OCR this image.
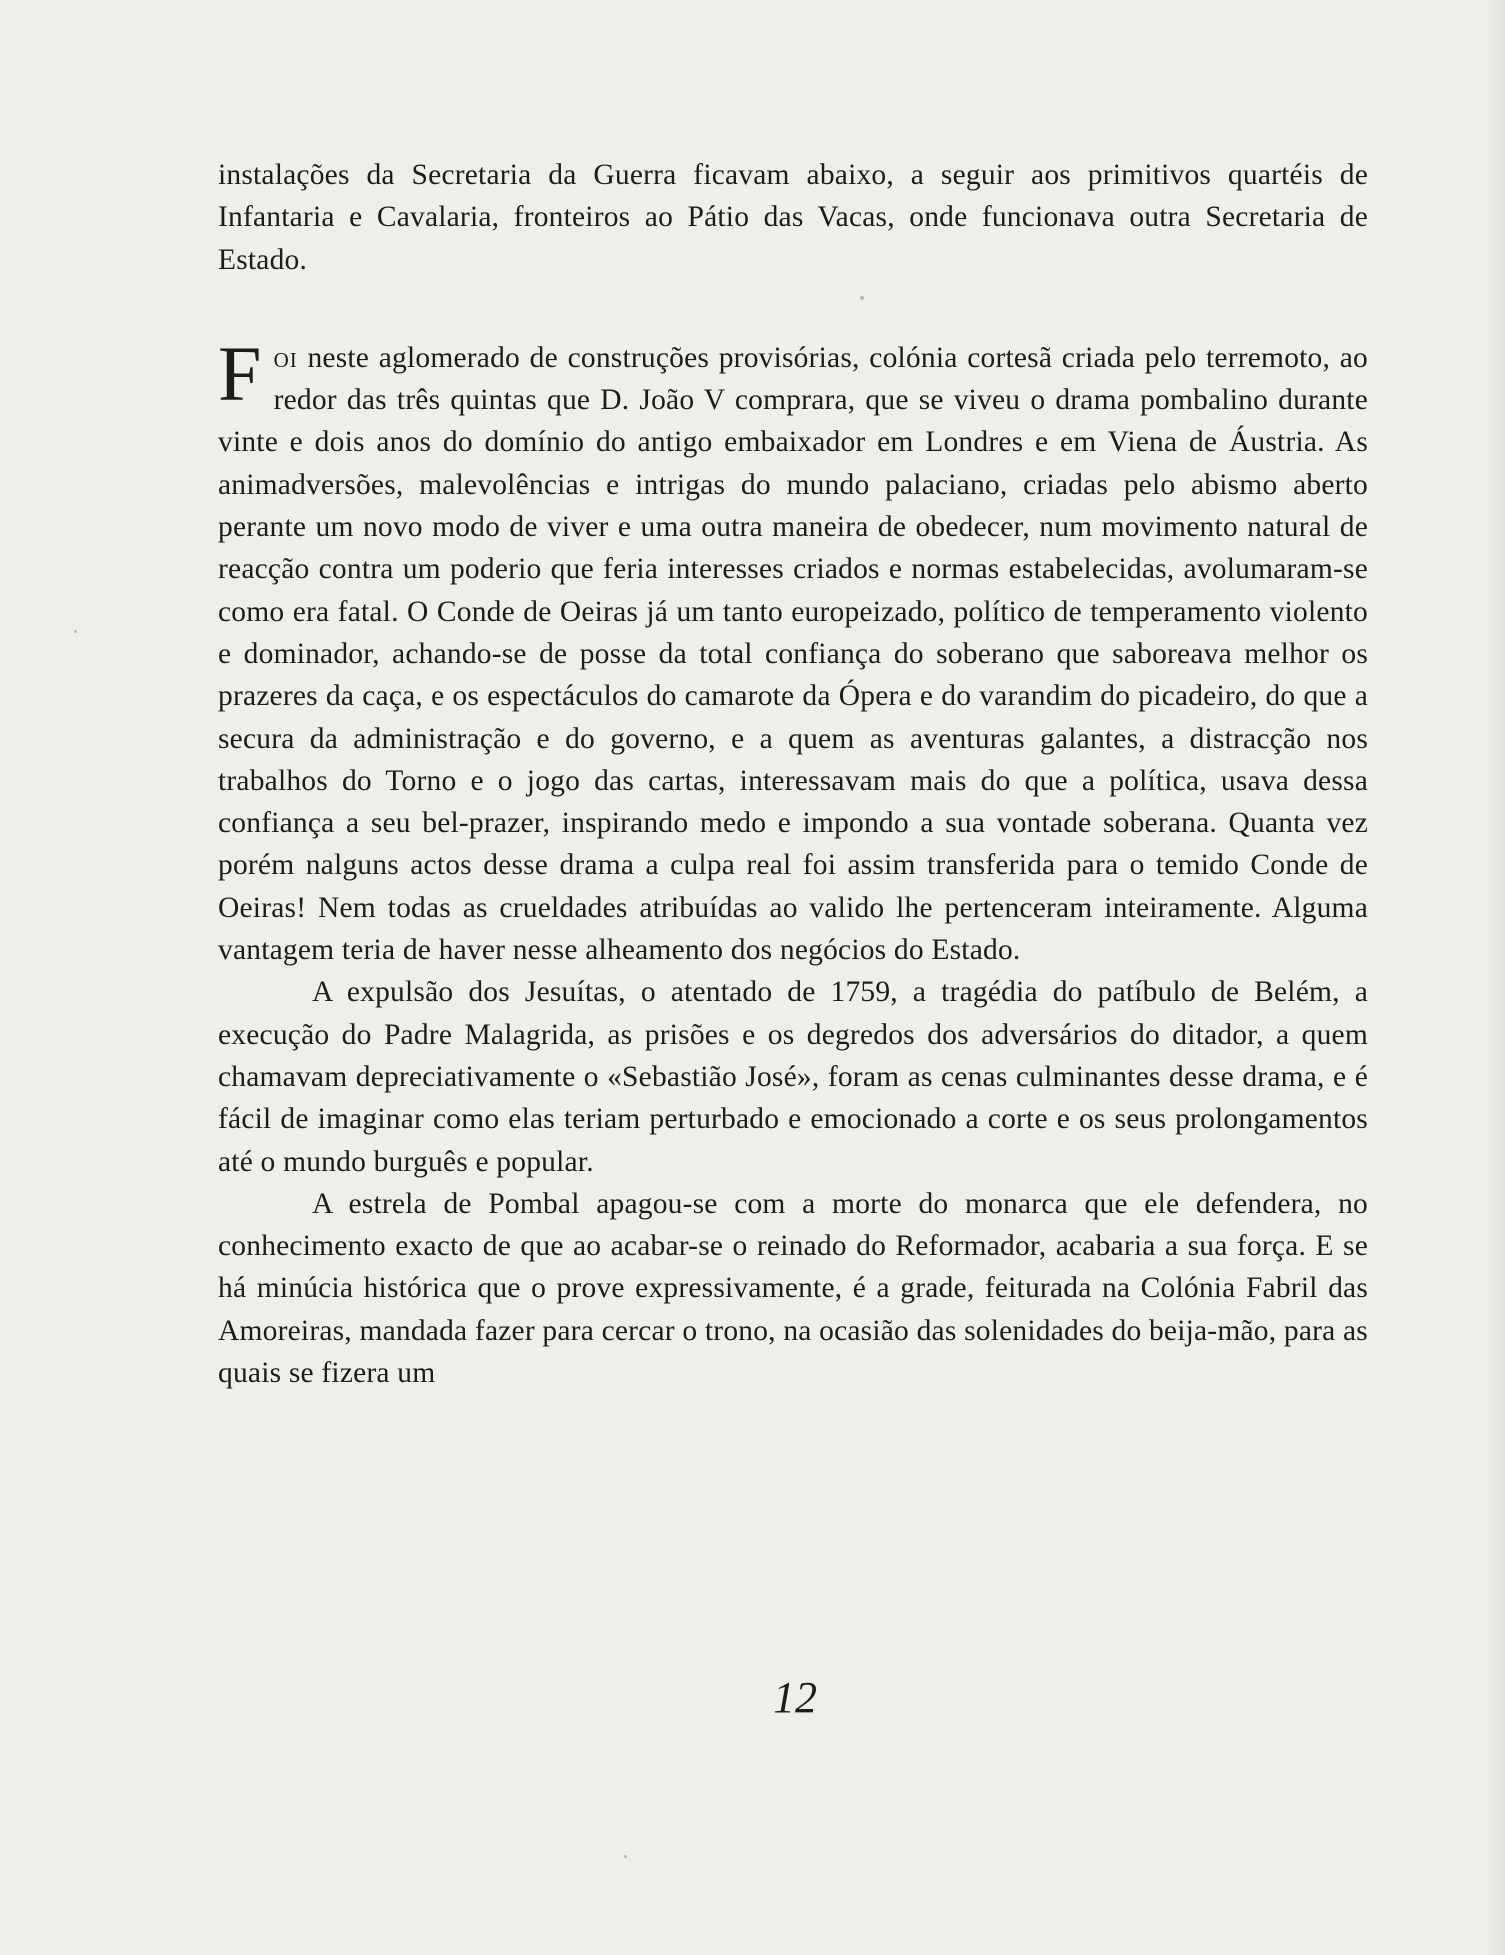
instalações da Secretaria da Guerra ficavam abaixo, a seguir aos primitivos quartéis de Infantaria e Cavalaria, fronteiros ao Pátio das Vacas, onde funcionava outra Secretaria de Estado.

Foi neste aglomerado de construções provisórias, colónia cortesã criada pelo terremoto, ao redor das três quintas que D. João V comprara, que se viveu o drama pombalino durante vinte e dois anos do domínio do antigo embaixador em Londres e em Viena de Áustria. As animadversões, malevolências e intrigas do mundo palaciano, criadas pelo abismo aberto perante um novo modo de viver e uma outra maneira de obedecer, num movimento natural de reacção contra um poderio que feria interesses criados e normas estabelecidas, avolumaram-se como era fatal. O Conde de Oeiras já um tanto europeizado, político de temperamento violento e dominador, achando-se de posse da total confiança do soberano que saboreava melhor os prazeres da caça, e os espectáculos do camarote da Ópera e do varandim do picadeiro, do que a secura da administração e do governo, e a quem as aventuras galantes, a distracção nos trabalhos do Torno e o jogo das cartas, interessavam mais do que a política, usava dessa confiança a seu bel-prazer, inspirando medo e impondo a sua vontade soberana. Quanta vez porém nalguns actos desse drama a culpa real foi assim transferida para o temido Conde de Oeiras! Nem todas as crueldades atribuídas ao valido lhe pertenceram inteiramente. Alguma vantagem teria de haver nesse alheamento dos negócios do Estado.

A expulsão dos Jesuítas, o atentado de 1759, a tragédia do patíbulo de Belém, a execução do Padre Malagrida, as prisões e os degredos dos adversários do ditador, a quem chamavam depreciativamente o «Sebastião José», foram as cenas culminantes desse drama, e é fácil de imaginar como elas teriam perturbado e emocionado a corte e os seus prolongamentos até o mundo burguês e popular.

A estrela de Pombal apagou-se com a morte do monarca que ele defendera, no conhecimento exacto de que ao acabar-se o reinado do Reformador, acabaria a sua força. E se há minúcia histórica que o prove expressivamente, é a grade, feiturada na Colónia Fabril das Amoreiras, mandada fazer para cercar o trono, na ocasião das solenidades do beija-mão, para as quais se fizera um

12
